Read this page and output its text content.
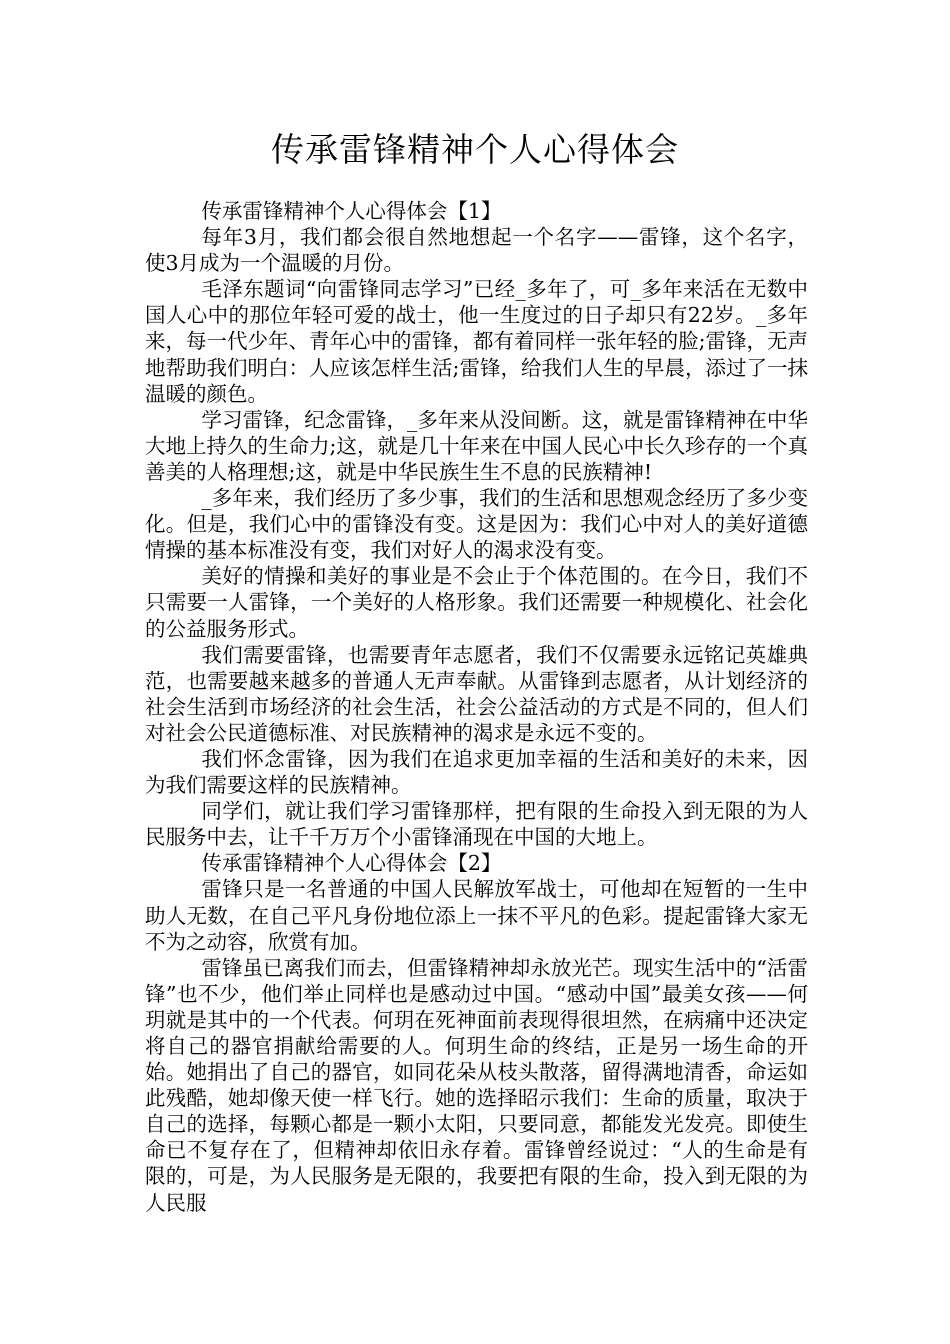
传承雷锋精神个人心得体会

传承雷锋精神个人心得体会【1】

每年3月，我们都会很自然地想起一个名字——雷锋，这个名字，使3月成为一个温暖的月份。

毛泽东题词“向雷锋同志学习”已经_多年了，可_多年来活在无数中国人心中的那位年轻可爱的战士，他一生度过的日子却只有22岁。_多年来，每一代少年、青年心中的雷锋，都有着同样一张年轻的脸;雷锋，无声地帮助我们明白：人应该怎样生活;雷锋，给我们人生的早晨，添过了一抹温暖的颜色。

学习雷锋，纪念雷锋，_多年来从没间断。这，就是雷锋精神在中华大地上持久的生命力;这，就是几十年来在中国人民心中长久珍存的一个真善美的人格理想;这，就是中华民族生生不息的民族精神!

_多年来，我们经历了多少事，我们的生活和思想观念经历了多少变化。但是，我们心中的雷锋没有变。这是因为：我们心中对人的美好道德情操的基本标准没有变，我们对好人的渴求没有变。

美好的情操和美好的事业是不会止于个体范围的。在今日，我们不只需要一人雷锋，一个美好的人格形象。我们还需要一种规模化、社会化的公益服务形式。

我们需要雷锋，也需要青年志愿者，我们不仅需要永远铭记英雄典范，也需要越来越多的普通人无声奉献。从雷锋到志愿者，从计划经济的社会生活到市场经济的社会生活，社会公益活动的方式是不同的，但人们对社会公民道德标准、对民族精神的渴求是永远不变的。

我们怀念雷锋，因为我们在追求更加幸福的生活和美好的未来，因为我们需要这样的民族精神。

同学们，就让我们学习雷锋那样，把有限的生命投入到无限的为人民服务中去，让千千万万个小雷锋涌现在中国的大地上。

传承雷锋精神个人心得体会【2】

雷锋只是一名普通的中国人民解放军战士，可他却在短暂的一生中助人无数，在自己平凡身份地位添上一抹不平凡的色彩。提起雷锋大家无不为之动容，欣赏有加。

雷锋虽已离我们而去，但雷锋精神却永放光芒。现实生活中的“活雷锋”也不少，他们举止同样也是感动过中国。“感动中国”最美女孩——何玥就是其中的一个代表。何玥在死神面前表现得很坦然，在病痛中还决定将自己的器官捐献给需要的人。何玥生命的终结，正是另一场生命的开始。她捐出了自己的器官，如同花朵从枝头散落，留得满地清香，命运如此残酷，她却像天使一样飞行。她的选择昭示我们：生命的质量，取决于自己的选择，每颗心都是一颗小太阳，只要同意，都能发光发亮。即使生命已不复存在了，但精神却依旧永存着。雷锋曾经说过：“人的生命是有限的，可是，为人民服务是无限的，我要把有限的生命，投入到无限的为人民服
